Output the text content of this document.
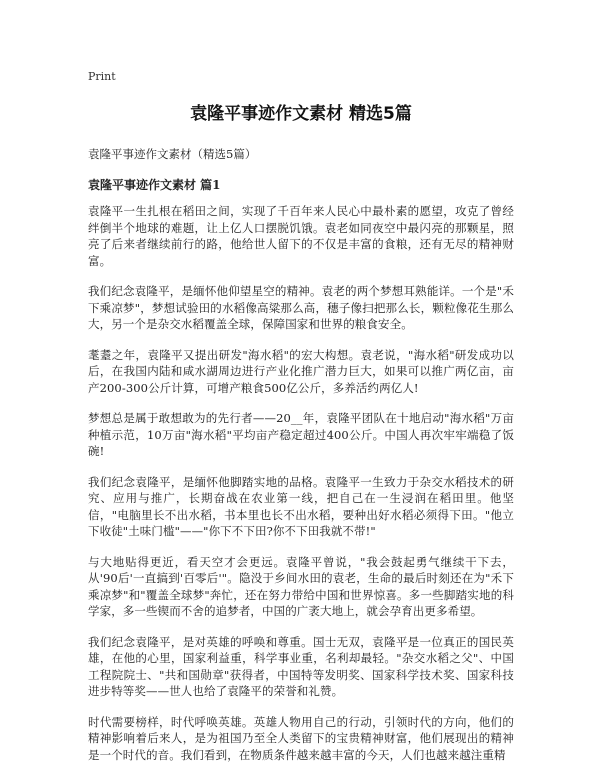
Print
袁隆平事迹作文素材 精选5篇
袁隆平事迹作文素材（精选5篇）
袁隆平事迹作文素材 篇1
袁隆平一生扎根在稻田之间，实现了千百年来人民心中最朴素的愿望，攻克了曾经绊倒半个地球的难题，让上亿人口摆脱饥饿。袁老如同夜空中最闪亮的那颗星，照亮了后来者继续前行的路，他给世人留下的不仅是丰富的食粮，还有无尽的精神财富。
我们纪念袁隆平，是缅怀他仰望星空的精神。袁老的两个梦想耳熟能详。一个是"禾下乘凉梦"，梦想试验田的水稻像高粱那么高，穗子像扫把那么长，颗粒像花生那么大，另一个是杂交水稻覆盖全球，保障国家和世界的粮食安全。
耄耋之年，袁隆平又提出研发"海水稻"的宏大构想。袁老说，"海水稻"研发成功以后，在我国内陆和咸水湖周边进行产业化推广潜力巨大，如果可以推广两亿亩，亩产200-300公斤计算，可增产粮食500亿公斤，多养活约两亿人!
梦想总是属于敢想敢为的先行者——20__年，袁隆平团队在十地启动"海水稻"万亩种植示范，10万亩"海水稻"平均亩产稳定超过400公斤。中国人再次牢牢端稳了饭碗!
我们纪念袁隆平，是缅怀他脚踏实地的品格。袁隆平一生致力于杂交水稻技术的研究、应用与推广，长期奋战在农业第一线，把自己在一生浸润在稻田里。他坚信，"电脑里长不出水稻，书本里也长不出水稻，要种出好水稻必须得下田。"他立下收徒"土味门槛"——"你下不下田?你不下田我就不带!"
与大地贴得更近，看天空才会更远。袁隆平曾说，"我会鼓起勇气继续干下去，从'90后'一直搞到'百零后'"。隐没于乡间水田的袁老，生命的最后时刻还在为"禾下乘凉梦"和"覆盖全球梦"奔忙，还在努力带给中国和世界惊喜。多一些脚踏实地的科学家，多一些锲而不舍的追梦者，中国的广袤大地上，就会孕育出更多希望。
我们纪念袁隆平，是对英雄的呼唤和尊重。国士无双，袁隆平是一位真正的国民英雄，在他的心里，国家利益重，科学事业重，名利却最轻。"杂交水稻之父"、中国工程院院士、"共和国勋章"获得者，中国特等发明奖、国家科学技术奖、国家科技进步特等奖——世人也给了袁隆平的荣誉和礼赞。
时代需要榜样，时代呼唤英雄。英雄人物用自己的行动，引领时代的方向，他们的精神影响着后来人，是为祖国乃至全人类留下的宝贵精神财富，他们展现出的精神是一个时代的音。我们看到，在物质条件越来越丰富的今天，人们也越来越注重精
